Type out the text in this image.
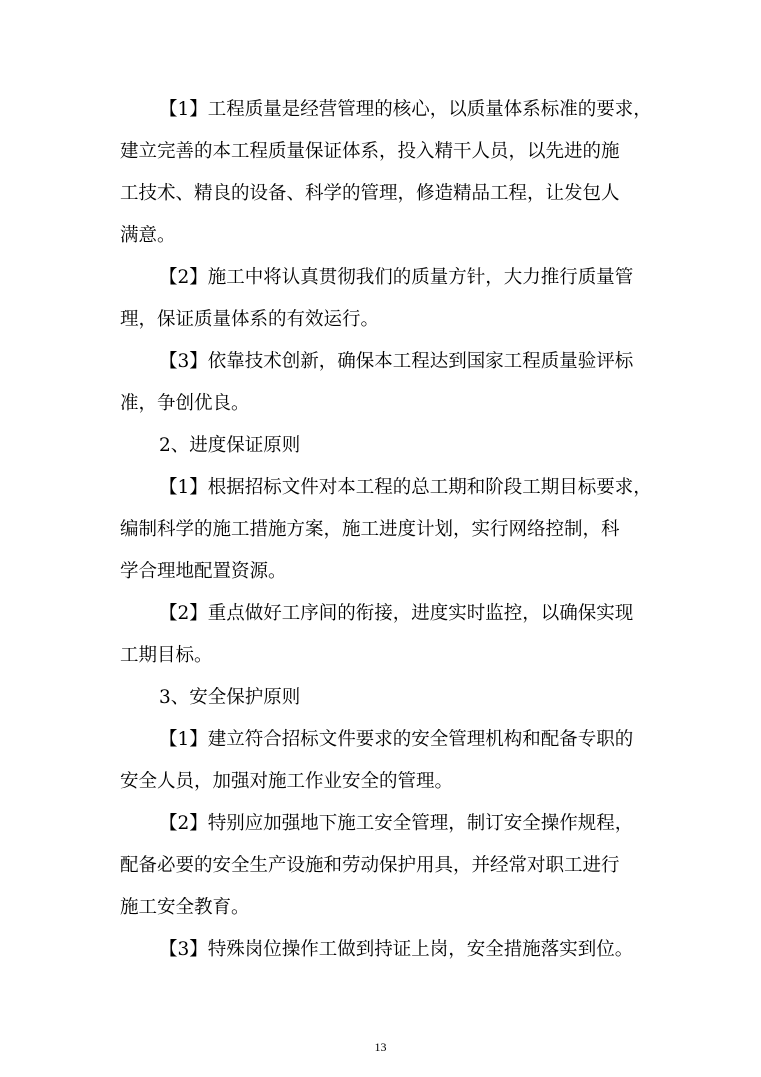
【1】工程质量是经营管理的核心，以质量体系标准的要求，
建立完善的本工程质量保证体系，投入精干人员，以先进的施
工技术、精良的设备、科学的管理，修造精品工程，让发包人
满意。
【2】施工中将认真贯彻我们的质量方针，大力推行质量管
理，保证质量体系的有效运行。
【3】依靠技术创新，确保本工程达到国家工程质量验评标
准，争创优良。
2、进度保证原则
【1】根据招标文件对本工程的总工期和阶段工期目标要求，
编制科学的施工措施方案，施工进度计划，实行网络控制，科
学合理地配置资源。
【2】重点做好工序间的衔接，进度实时监控，以确保实现
工期目标。
3、安全保护原则
【1】建立符合招标文件要求的安全管理机构和配备专职的
安全人员，加强对施工作业安全的管理。
【2】特别应加强地下施工安全管理，制订安全操作规程，
配备必要的安全生产设施和劳动保护用具，并经常对职工进行
施工安全教育。
【3】特殊岗位操作工做到持证上岗，安全措施落实到位。
13
